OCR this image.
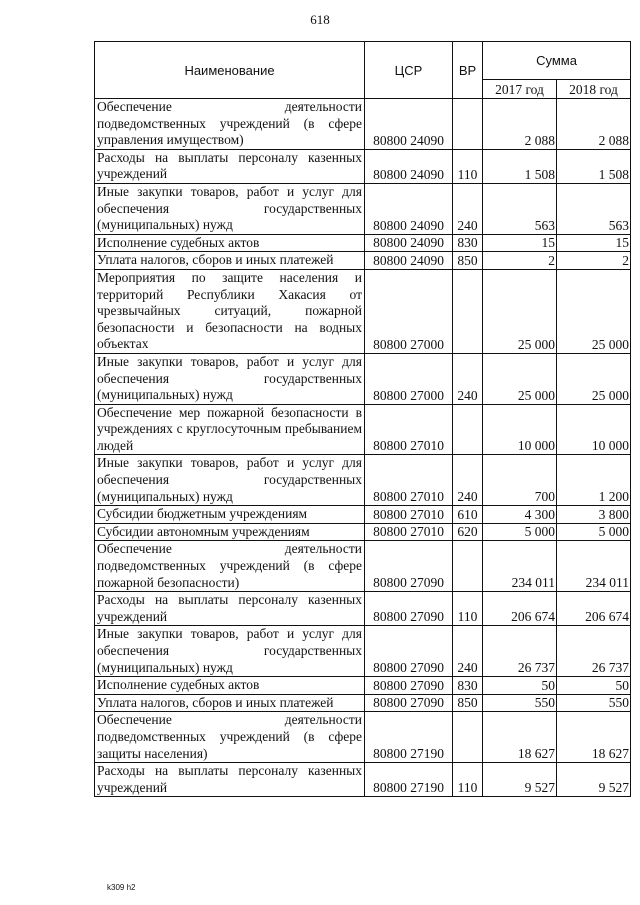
618
Наименование	ЦСР	ВР	Сумма	
			2017 год	2018 год
Обеспечение деятельности подведомственных учреждений (в сфере управления имуществом)	80800 24090		2 088	2 088
Расходы на выплаты персоналу казенных учреждений	80800 24090	110	1 508	1 508
Иные закупки товаров, работ и услуг для обеспечения государственных (муниципальных) нужд	80800 24090	240	563	563
Исполнение судебных актов	80800 24090	830	15	15
Уплата налогов, сборов и иных платежей	80800 24090	850	2	2
Мероприятия по защите населения и территорий Республики Хакасия от чрезвычайных ситуаций, пожарной безопасности и безопасности на водных объектах	80800 27000		25 000	25 000
Иные закупки товаров, работ и услуг для обеспечения государственных (муниципальных) нужд	80800 27000	240	25 000	25 000
Обеспечение мер пожарной безопасности в учреждениях с круглосуточным пребыванием людей	80800 27010		10 000	10 000
Иные закупки товаров, работ и услуг для обеспечения государственных (муниципальных) нужд	80800 27010	240	700	1 200
Субсидии бюджетным учреждениям	80800 27010	610	4 300	3 800
Субсидии автономным учреждениям	80800 27010	620	5 000	5 000
Обеспечение деятельности подведомственных учреждений (в сфере пожарной безопасности)	80800 27090		234 011	234 011
Расходы на выплаты персоналу казенных учреждений	80800 27090	110	206 674	206 674
Иные закупки товаров, работ и услуг для обеспечения государственных (муниципальных) нужд	80800 27090	240	26 737	26 737
Исполнение судебных актов	80800 27090	830	50	50
Уплата налогов, сборов и иных платежей	80800 27090	850	550	550
Обеспечение деятельности подведомственных учреждений (в сфере защиты населения)	80800 27190		18 627	18 627
Расходы на выплаты персоналу казенных учреждений	80800 27190	110	9 527	9 527
k309 h2
